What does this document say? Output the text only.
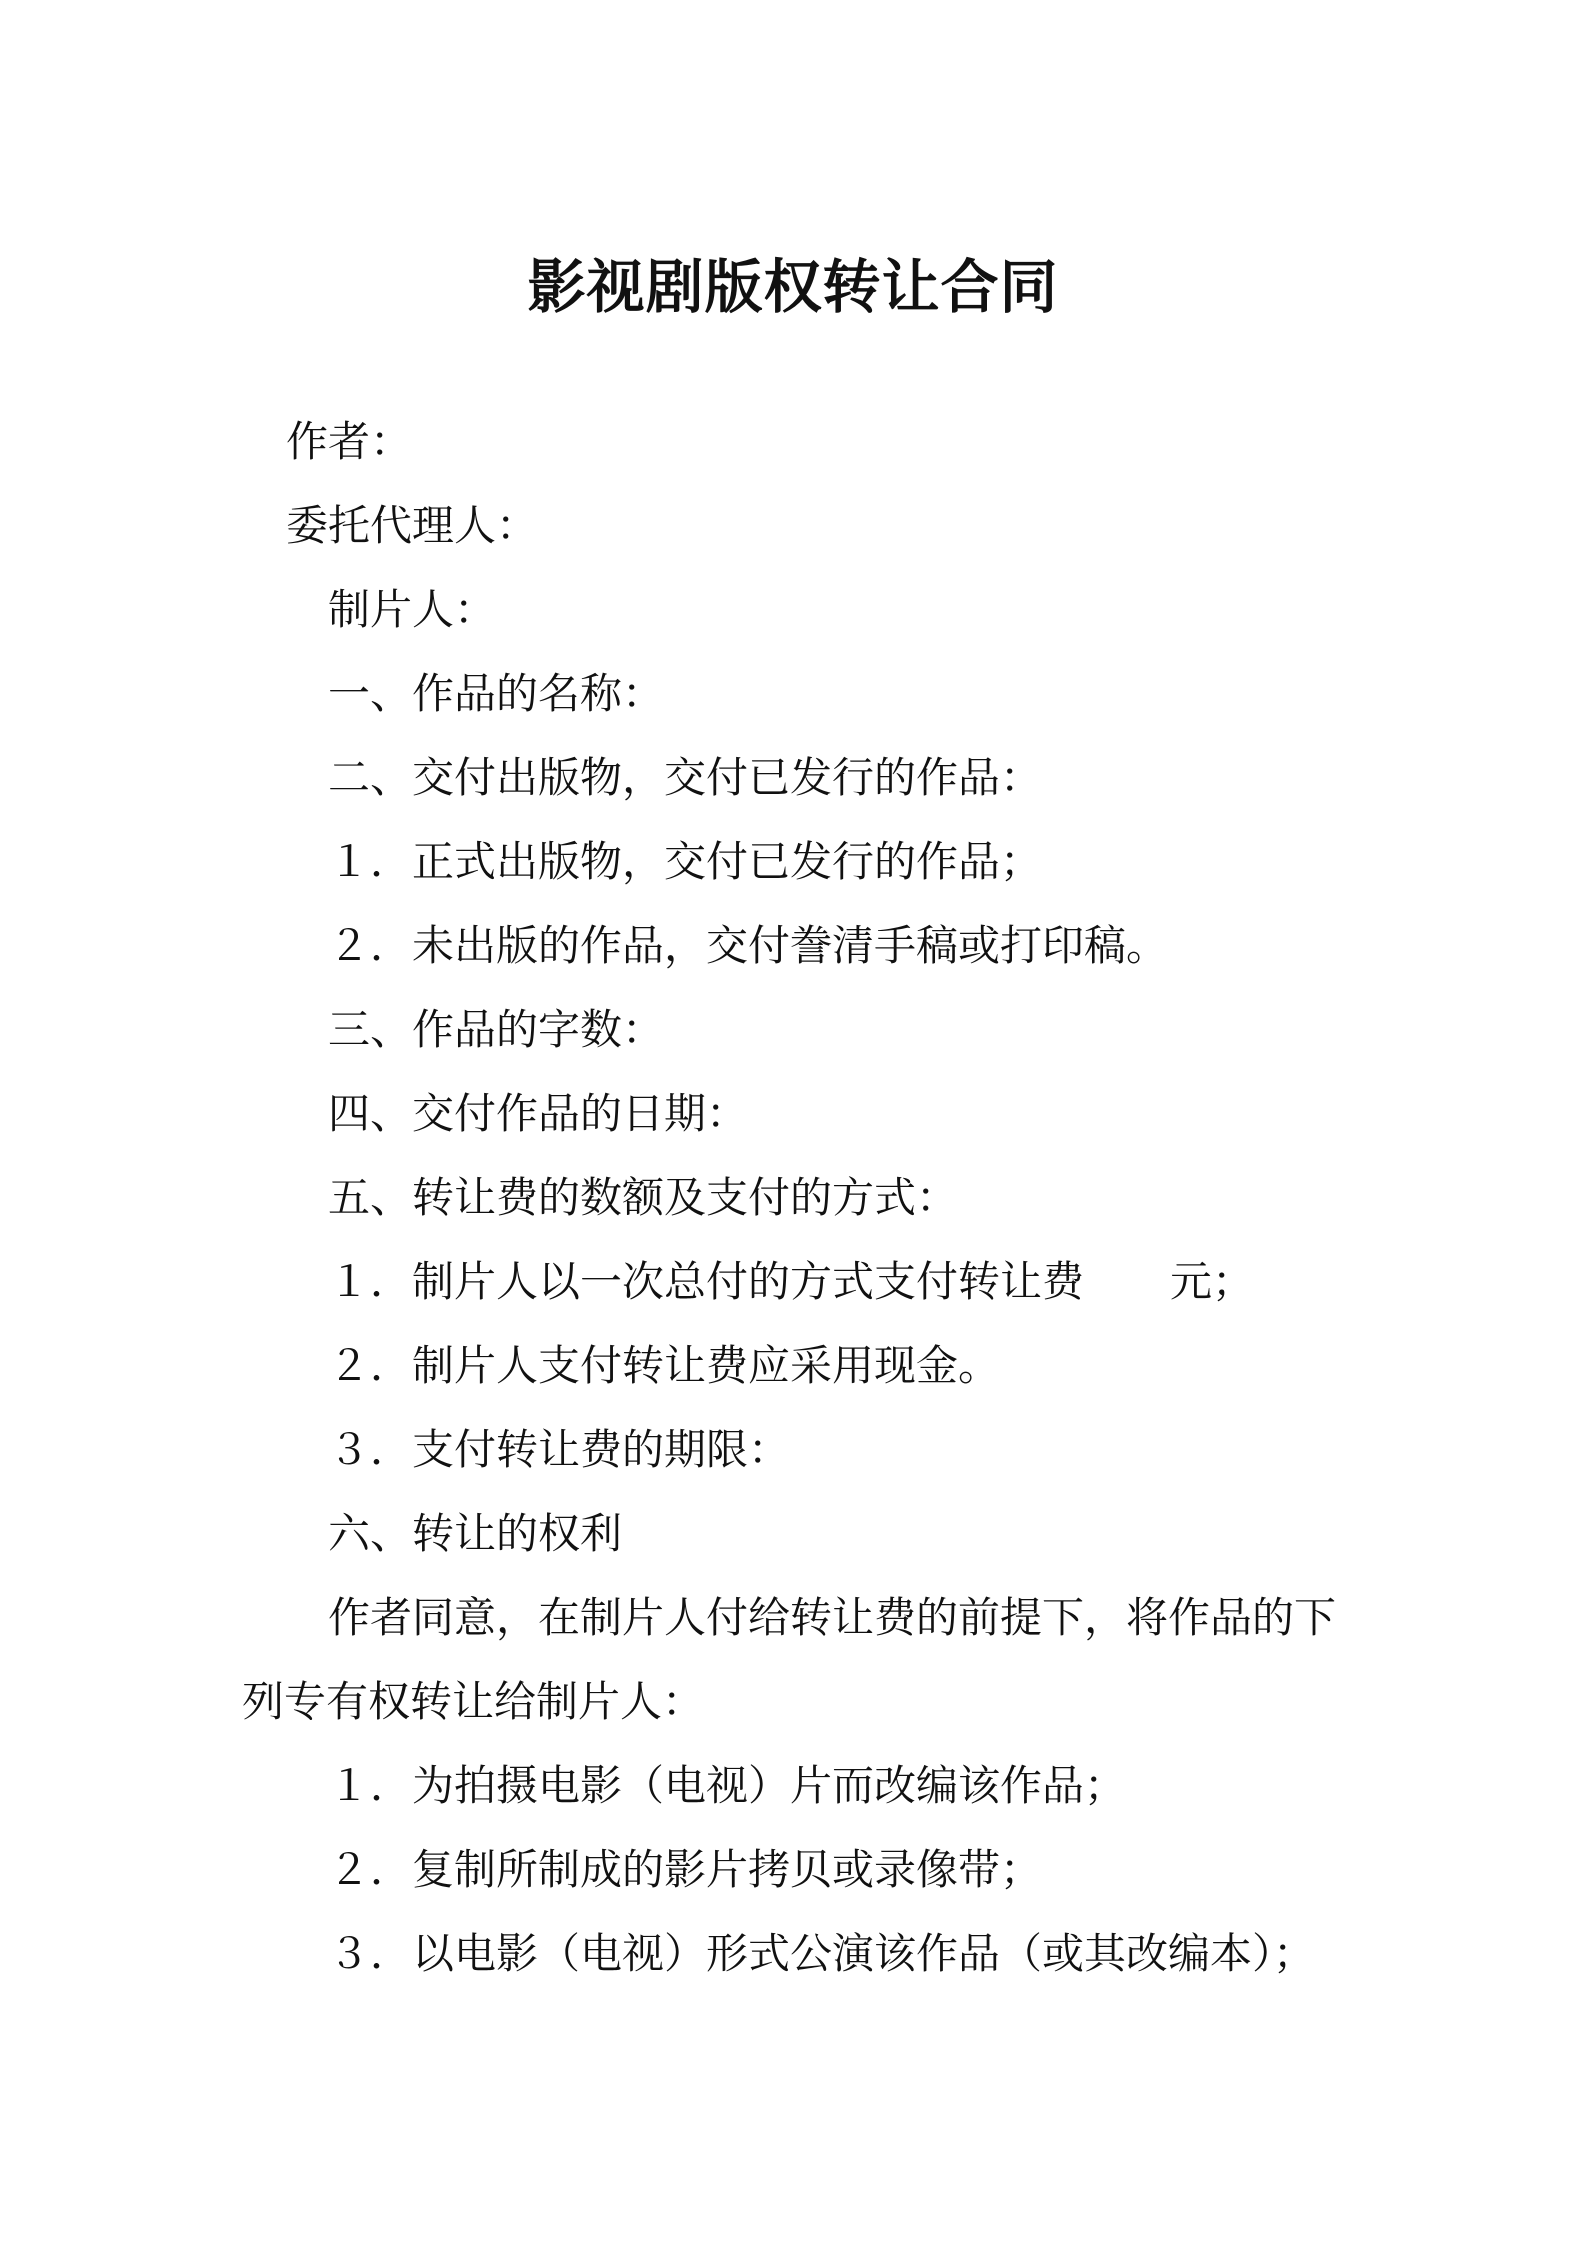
影视剧版权转让合同

作者：

委托代理人：

制片人：

一、作品的名称：

二、交付出版物，交付已发行的作品：

１．正式出版物，交付已发行的作品；

２．未出版的作品，交付誊清手稿或打印稿。

三、作品的字数：

四、交付作品的日期：

五、转让费的数额及支付的方式：

１．制片人以一次总付的方式支付转让费 元；

２．制片人支付转让费应采用现金。

３．支付转让费的期限：

六、转让的权利

作者同意，在制片人付给转让费的前提下，将作品的下

列专有权转让给制片人：

１．为拍摄电影（电视）片而改编该作品；

２．复制所制成的影片拷贝或录像带；

３．以电影（电视）形式公演该作品（或其改编本）；
